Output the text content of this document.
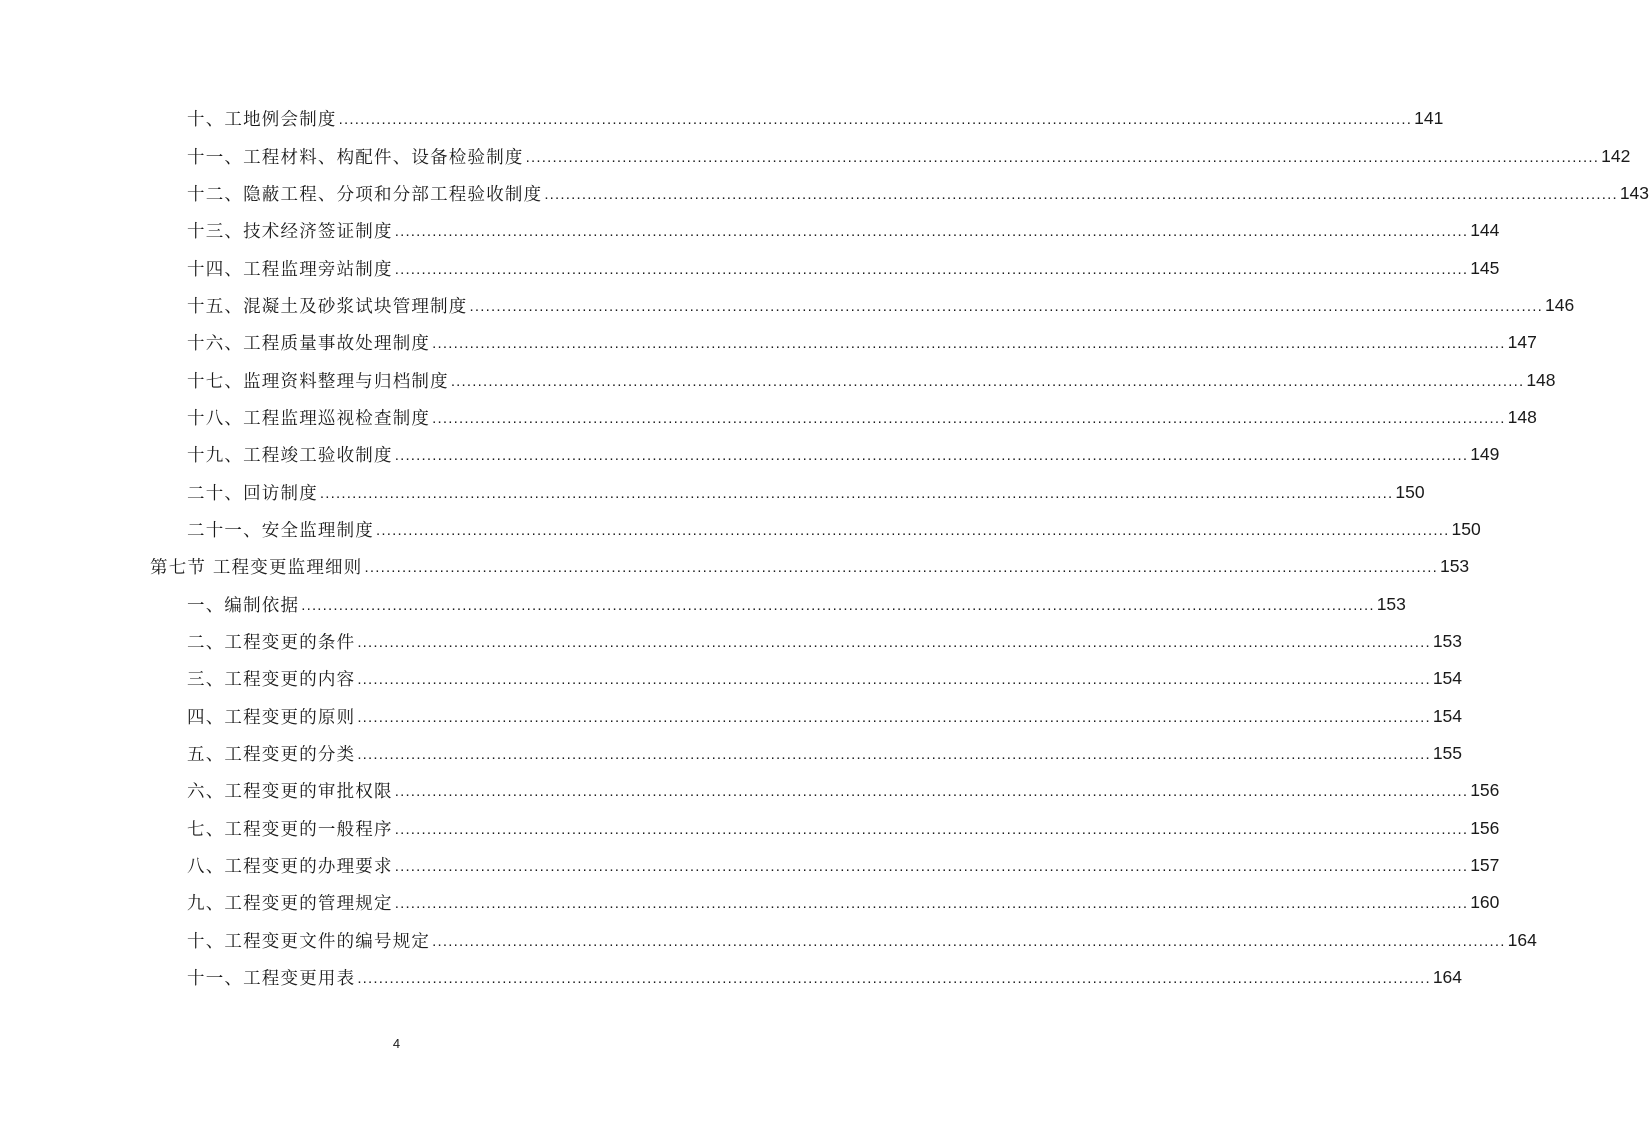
十、工地例会制度 ........................................................................................................................................................................................................ 141
十一、工程材料、构配件、设备检验制度 ........................................................................................................................................................................................................ 142
十二、隐蔽工程、分项和分部工程验收制度 ........................................................................................................................................................................................................ 143
十三、技术经济签证制度 ........................................................................................................................................................................................................ 144
十四、工程监理旁站制度 ........................................................................................................................................................................................................ 145
十五、混凝土及砂浆试块管理制度 ........................................................................................................................................................................................................ 146
十六、工程质量事故处理制度 ........................................................................................................................................................................................................ 147
十七、监理资料整理与归档制度 ........................................................................................................................................................................................................ 148
十八、工程监理巡视检查制度 ........................................................................................................................................................................................................ 148
十九、工程竣工验收制度 ........................................................................................................................................................................................................ 149
二十、回访制度 ........................................................................................................................................................................................................ 150
二十一、安全监理制度 ........................................................................................................................................................................................................ 150
第七节 工程变更监理细则 ........................................................................................................................................................................................................ 153
一、编制依据 ........................................................................................................................................................................................................ 153
二、工程变更的条件 ........................................................................................................................................................................................................ 153
三、工程变更的内容 ........................................................................................................................................................................................................ 154
四、工程变更的原则 ........................................................................................................................................................................................................ 154
五、工程变更的分类 ........................................................................................................................................................................................................ 155
六、工程变更的审批权限 ........................................................................................................................................................................................................ 156
七、工程变更的一般程序 ........................................................................................................................................................................................................ 156
八、工程变更的办理要求 ........................................................................................................................................................................................................ 157
九、工程变更的管理规定 ........................................................................................................................................................................................................ 160
十、工程变更文件的编号规定 ........................................................................................................................................................................................................ 164
十一、工程变更用表 ........................................................................................................................................................................................................ 164
4
